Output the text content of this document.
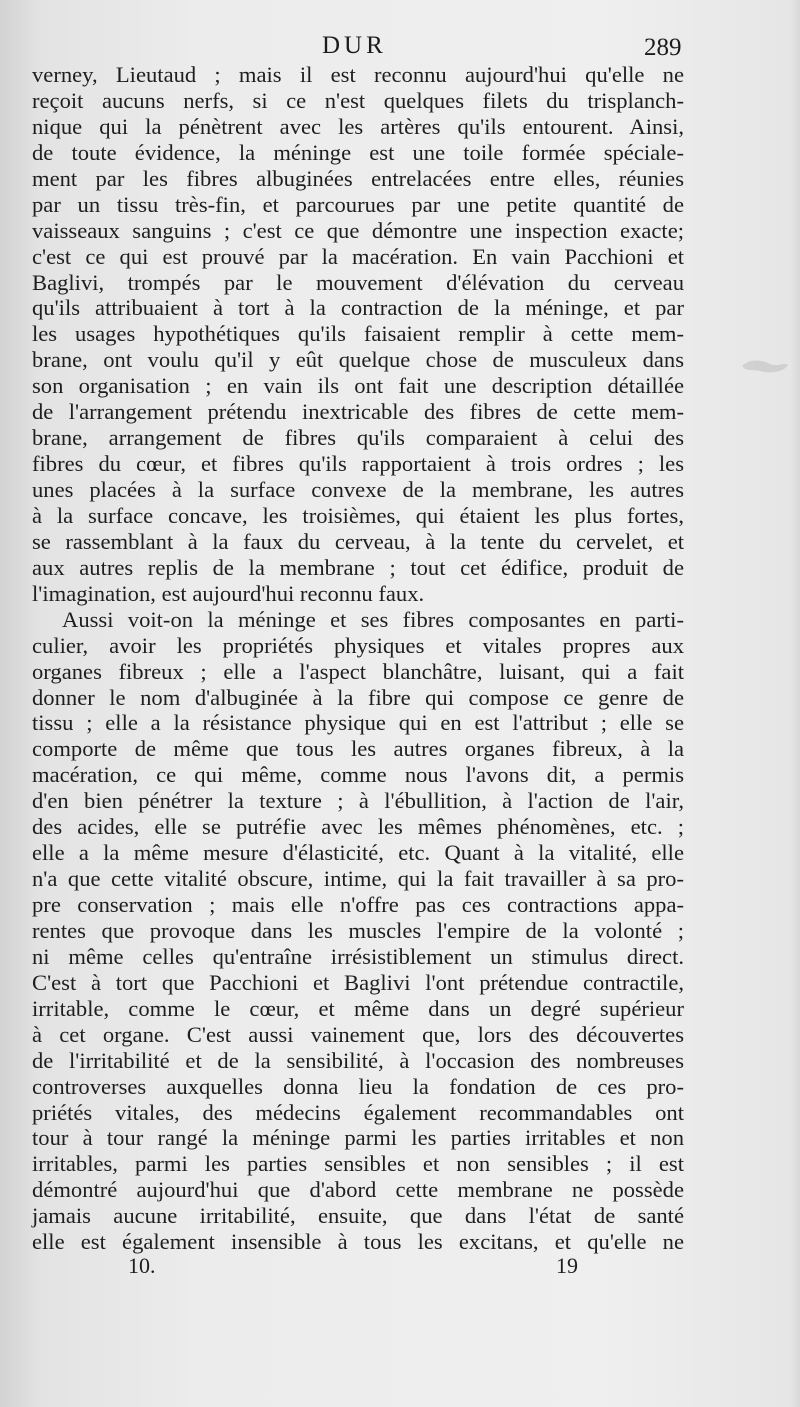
DUR	289
verney, Lieutaud ; mais il est reconnu aujourd'hui qu'elle ne
reçoit aucuns nerfs, si ce n'est quelques filets du trisplanch-
nique qui la pénètrent avec les artères qu'ils entourent. Ainsi,
de toute évidence, la méninge est une toile formée spéciale-
ment par les fibres albuginées entrelacées entre elles, réunies
par un tissu très-fin, et parcourues par une petite quantité de
vaisseaux sanguins ; c'est ce que démontre une inspection exacte;
c'est ce qui est prouvé par la macération. En vain Pacchioni et
Baglivi, trompés par le mouvement d'élévation du cerveau
qu'ils attribuaient à tort à la contraction de la méninge, et par
les usages hypothétiques qu'ils faisaient remplir à cette mem-
brane, ont voulu qu'il y eût quelque chose de musculeux dans
son organisation ; en vain ils ont fait une description détaillée
de l'arrangement prétendu inextricable des fibres de cette mem-
brane, arrangement de fibres qu'ils comparaient à celui des
fibres du cœur, et fibres qu'ils rapportaient à trois ordres ; les
unes placées à la surface convexe de la membrane, les autres
à la surface concave, les troisièmes, qui étaient les plus fortes,
se rassemblant à la faux du cerveau, à la tente du cervelet, et
aux autres replis de la membrane ; tout cet édifice, produit de
l'imagination, est aujourd'hui reconnu faux.
Aussi voit-on la méninge et ses fibres composantes en parti-
culier, avoir les propriétés physiques et vitales propres aux
organes fibreux ; elle a l'aspect blanchâtre, luisant, qui a fait
donner le nom d'albuginée à la fibre qui compose ce genre de
tissu ; elle a la résistance physique qui en est l'attribut ; elle se
comporte de même que tous les autres organes fibreux, à la
macération, ce qui même, comme nous l'avons dit, a permis
d'en bien pénétrer la texture ; à l'ébullition, à l'action de l'air,
des acides, elle se putréfie avec les mêmes phénomènes, etc. ;
elle a la même mesure d'élasticité, etc. Quant à la vitalité, elle
n'a que cette vitalité obscure, intime, qui la fait travailler à sa pro-
pre conservation ; mais elle n'offre pas ces contractions appa-
rentes que provoque dans les muscles l'empire de la volonté ;
ni même celles qu'entraîne irrésistiblement un stimulus direct.
C'est à tort que Pacchioni et Baglivi l'ont prétendue contractile,
irritable, comme le cœur, et même dans un degré supérieur
à cet organe. C'est aussi vainement que, lors des découvertes
de l'irritabilité et de la sensibilité, à l'occasion des nombreuses
controverses auxquelles donna lieu la fondation de ces pro-
priétés vitales, des médecins également recommandables ont
tour à tour rangé la méninge parmi les parties irritables et non
irritables, parmi les parties sensibles et non sensibles ; il est
démontré aujourd'hui que d'abord cette membrane ne possède
jamais aucune irritabilité, ensuite, que dans l'état de santé
elle est également insensible à tous les excitans, et qu'elle ne
10.	19
